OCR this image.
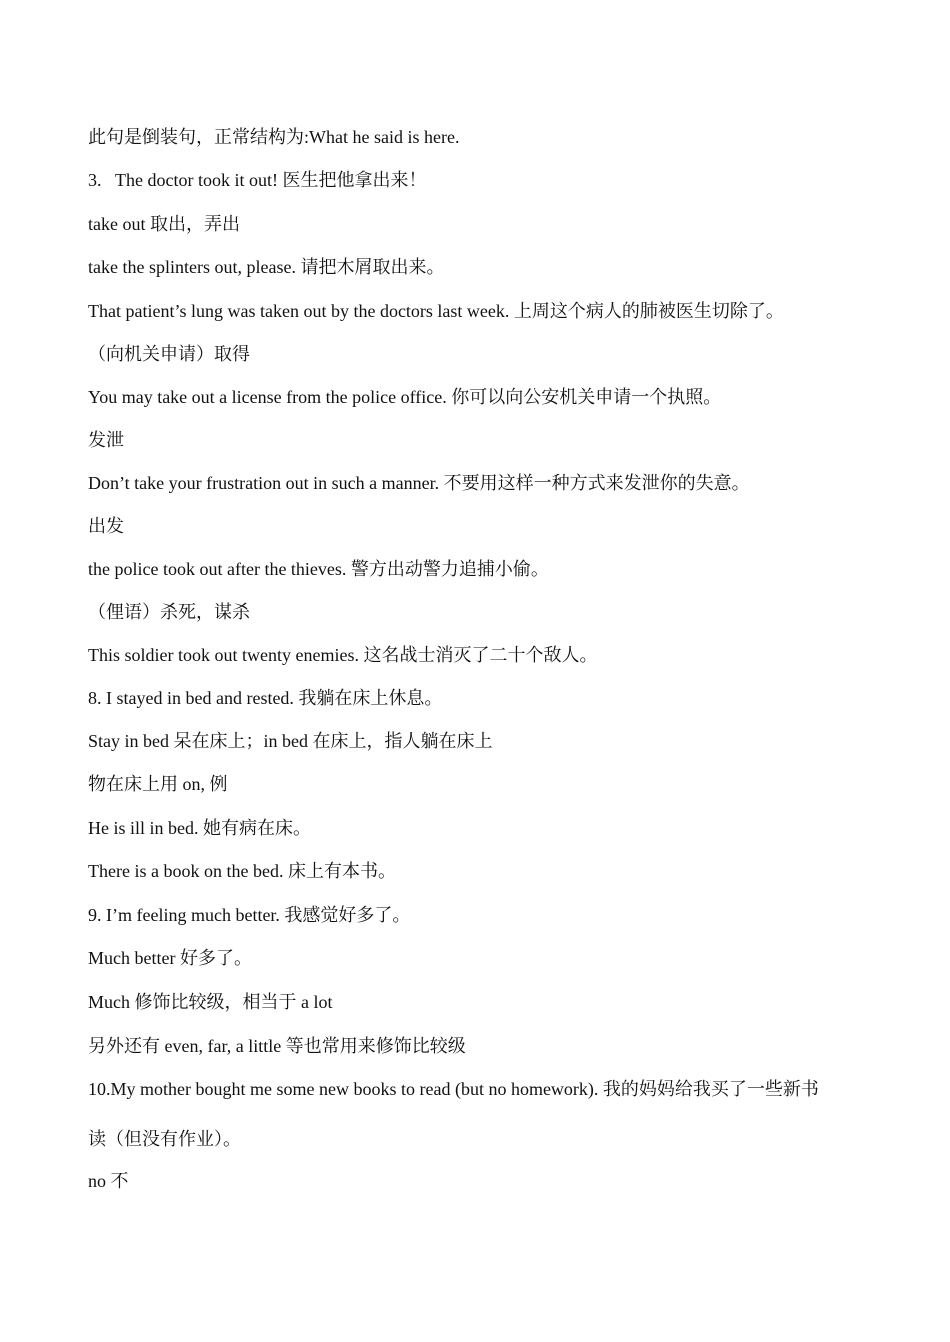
此句是倒装句，正常结构为:What he said is here.
3.   The doctor took it out! 医生把他拿出来！
take out 取出，弄出
take the splinters out, please. 请把木屑取出来。
That patient’s lung was taken out by the doctors last week. 上周这个病人的肺被医生切除了。
（向机关申请）取得
You may take out a license from the police office. 你可以向公安机关申请一个执照。
发泄
Don’t take your frustration out in such a manner. 不要用这样一种方式来发泄你的失意。
出发
the police took out after the thieves. 警方出动警力追捕小偷。
（俚语）杀死，谋杀
This soldier took out twenty enemies. 这名战士消灭了二十个敌人。
8. I stayed in bed and rested. 我躺在床上休息。
Stay in bed 呆在床上；in bed 在床上，指人躺在床上
物在床上用 on, 例
He is ill in bed. 她有病在床。
There is a book on the bed. 床上有本书。
9. I’m feeling much better. 我感觉好多了。
Much better 好多了。
Much 修饰比较级，相当于 a lot
另外还有 even, far, a little 等也常用来修饰比较级
10.My mother bought me some new books to read (but no homework). 我的妈妈给我买了一些新书
读（但没有作业）。
no 不
